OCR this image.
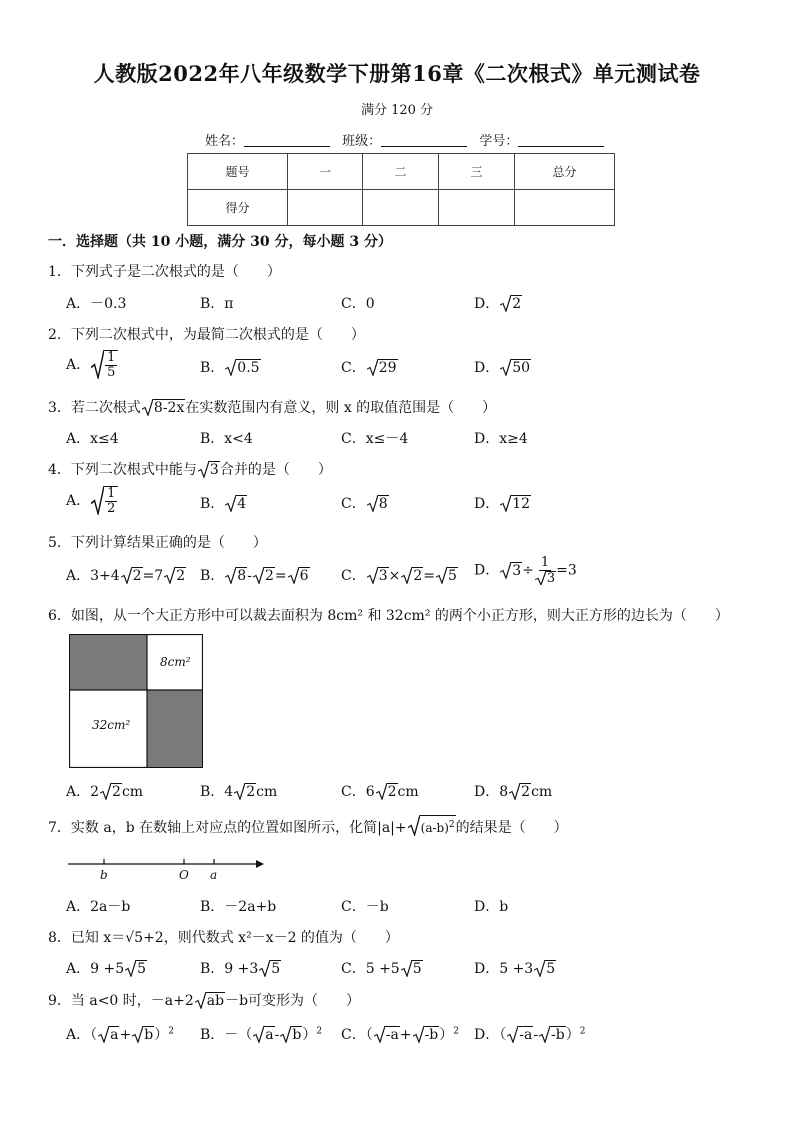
人教版2022年八年级数学下册第16章《二次根式》单元测试卷
满分 120 分
姓名：	班级：	学号：
题号	一	二	三	总分
得分				
一．选择题（共 10 小题，满分 30 分，每小题 3 分）
1．下列式子是二次根式的是（　　）
A．－0.3	B．π	C．0	D． 2
2．下列二次根式中，为最简二次根式的是（　　）
A． $\frac{1}{5}$	B． 0.5	C． 29	D． 50
3．若二次根式 8-2x在实数范围内有意义，则 x 的取值范围是（　　）
A．x≤4	B．x<4	C．x≤－4	D．x≥4
4．下列二次根式中能与 3合并的是（　　）
A． $\frac{1}{2}$	B． 4	C． 8	D． 12
5．下列计算结果正确的是（　　）
A．3+4 2=7 2 B． 8- 2= 6 C． 3× 2= 5 D． $3\div \frac{1}{3} =3$
6．如图，从一个大正方形中可以裁去面积为 8cm² 和 32cm² 的两个小正方形，则大正方形的边长为（　　）
8cm²
32cm²
A．2 2cm	B．4 2cm	C．6 2cm	D．8 2cm
7．实数 a，b 在数轴上对应点的位置如图所示，化简$|a|+ (a-b)^2$的结果是（　　）
b	O a
A．2a－b	B．－2a+b	C．－b	D．b
8．已知 x＝√5+2，则代数式 x²－x－2 的值为（　　）
A．9 +5 5	B．9 +3 5	C．5 +5 5	D．5 +3 5
9．当 a<0 时，－a+2 ab－b可变形为（　　）
A．（ a+ b）$^2$ B．－（ a- b）$^2$ C．（ -a+ -b）$^2$ D．（ -a- -b）$^2$
